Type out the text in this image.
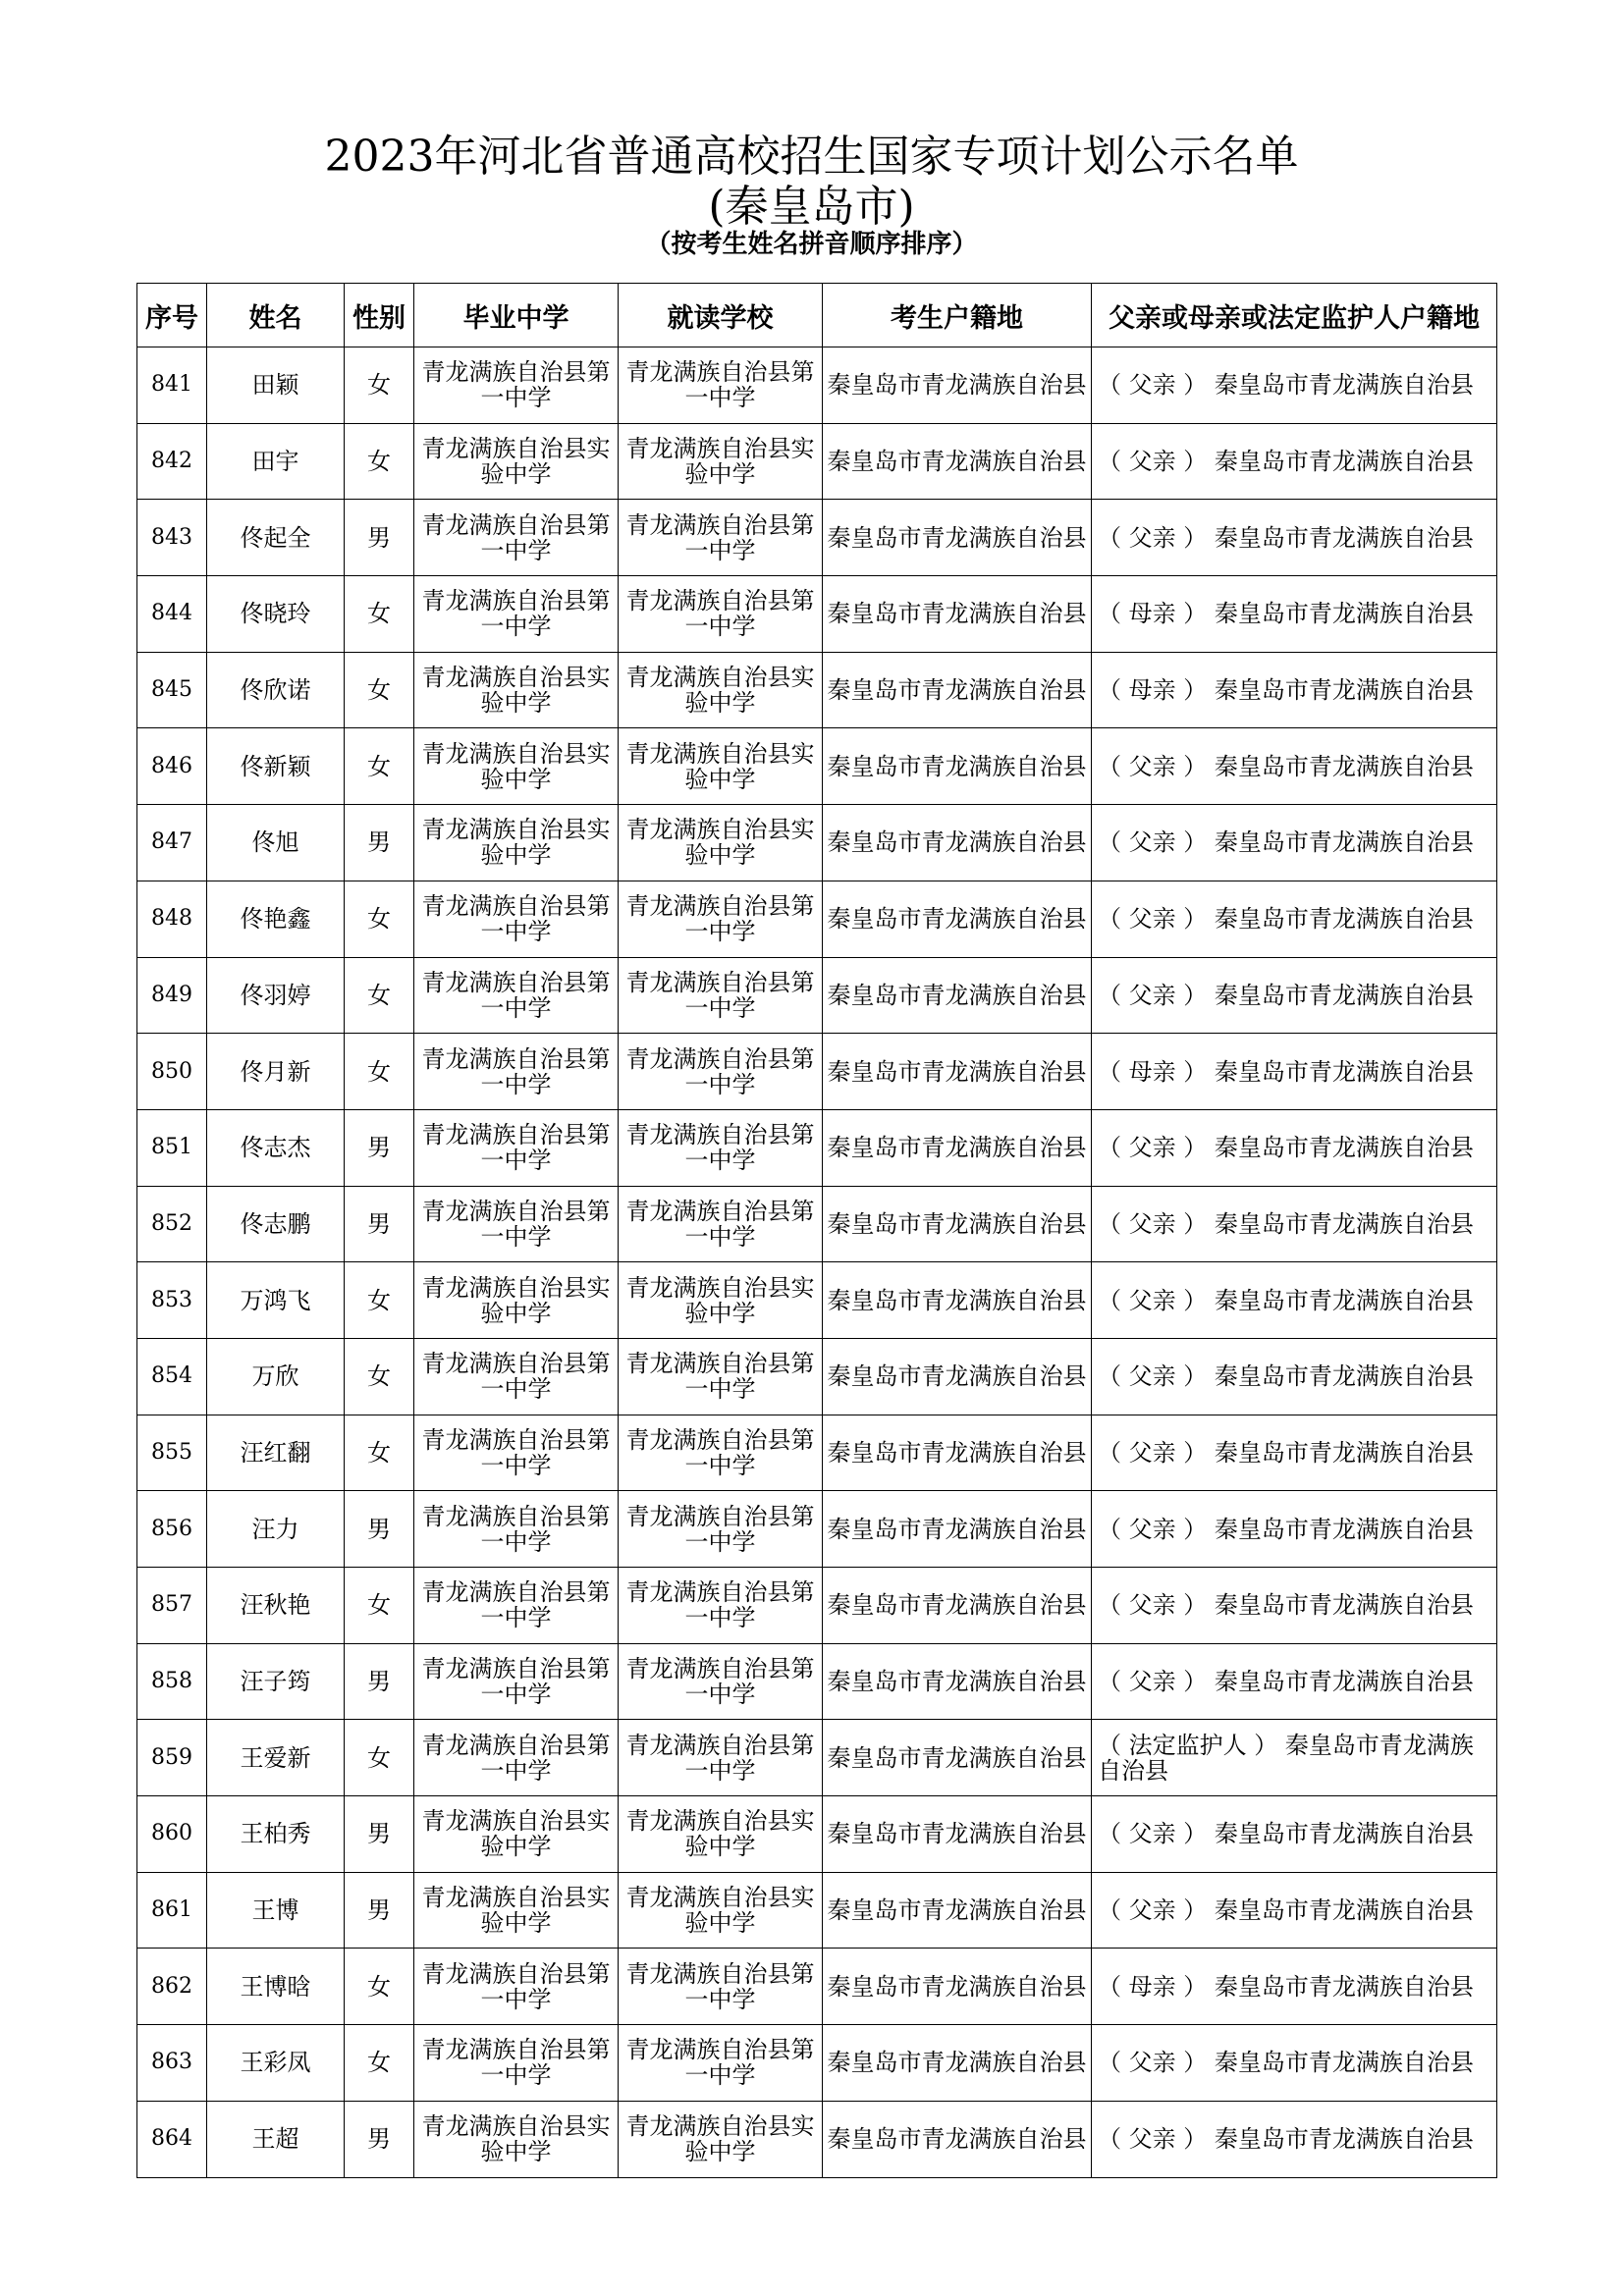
2023年河北省普通高校招生国家专项计划公示名单
(秦皇岛市)
（按考生姓名拼音顺序排序）
序号	姓名	性别	毕业中学	就读学校	考生户籍地	父亲或母亲或法定监护人户籍地
841	田颖	女	青龙满族自治县第一中学	青龙满族自治县第一中学	秦皇岛市青龙满族自治县	（ 父亲 ） 秦皇岛市青龙满族自治县
842	田宇	女	青龙满族自治县实验中学	青龙满族自治县实验中学	秦皇岛市青龙满族自治县	（ 父亲 ） 秦皇岛市青龙满族自治县
843	佟起全	男	青龙满族自治县第一中学	青龙满族自治县第一中学	秦皇岛市青龙满族自治县	（ 父亲 ） 秦皇岛市青龙满族自治县
844	佟晓玲	女	青龙满族自治县第一中学	青龙满族自治县第一中学	秦皇岛市青龙满族自治县	（ 母亲 ） 秦皇岛市青龙满族自治县
845	佟欣诺	女	青龙满族自治县实验中学	青龙满族自治县实验中学	秦皇岛市青龙满族自治县	（ 母亲 ） 秦皇岛市青龙满族自治县
846	佟新颖	女	青龙满族自治县实验中学	青龙满族自治县实验中学	秦皇岛市青龙满族自治县	（ 父亲 ） 秦皇岛市青龙满族自治县
847	佟旭	男	青龙满族自治县实验中学	青龙满族自治县实验中学	秦皇岛市青龙满族自治县	（ 父亲 ） 秦皇岛市青龙满族自治县
848	佟艳鑫	女	青龙满族自治县第一中学	青龙满族自治县第一中学	秦皇岛市青龙满族自治县	（ 父亲 ） 秦皇岛市青龙满族自治县
849	佟羽婷	女	青龙满族自治县第一中学	青龙满族自治县第一中学	秦皇岛市青龙满族自治县	（ 父亲 ） 秦皇岛市青龙满族自治县
850	佟月新	女	青龙满族自治县第一中学	青龙满族自治县第一中学	秦皇岛市青龙满族自治县	（ 母亲 ） 秦皇岛市青龙满族自治县
851	佟志杰	男	青龙满族自治县第一中学	青龙满族自治县第一中学	秦皇岛市青龙满族自治县	（ 父亲 ） 秦皇岛市青龙满族自治县
852	佟志鹏	男	青龙满族自治县第一中学	青龙满族自治县第一中学	秦皇岛市青龙满族自治县	（ 父亲 ） 秦皇岛市青龙满族自治县
853	万鸿飞	女	青龙满族自治县实验中学	青龙满族自治县实验中学	秦皇岛市青龙满族自治县	（ 父亲 ） 秦皇岛市青龙满族自治县
854	万欣	女	青龙满族自治县第一中学	青龙满族自治县第一中学	秦皇岛市青龙满族自治县	（ 父亲 ） 秦皇岛市青龙满族自治县
855	汪红翻	女	青龙满族自治县第一中学	青龙满族自治县第一中学	秦皇岛市青龙满族自治县	（ 父亲 ） 秦皇岛市青龙满族自治县
856	汪力	男	青龙满族自治县第一中学	青龙满族自治县第一中学	秦皇岛市青龙满族自治县	（ 父亲 ） 秦皇岛市青龙满族自治县
857	汪秋艳	女	青龙满族自治县第一中学	青龙满族自治县第一中学	秦皇岛市青龙满族自治县	（ 父亲 ） 秦皇岛市青龙满族自治县
858	汪子筠	男	青龙满族自治县第一中学	青龙满族自治县第一中学	秦皇岛市青龙满族自治县	（ 父亲 ） 秦皇岛市青龙满族自治县
859	王爱新	女	青龙满族自治县第一中学	青龙满族自治县第一中学	秦皇岛市青龙满族自治县	（ 法定监护人 ） 秦皇岛市青龙满族自治县
860	王柏秀	男	青龙满族自治县实验中学	青龙满族自治县实验中学	秦皇岛市青龙满族自治县	（ 父亲 ） 秦皇岛市青龙满族自治县
861	王博	男	青龙满族自治县实验中学	青龙满族自治县实验中学	秦皇岛市青龙满族自治县	（ 父亲 ） 秦皇岛市青龙满族自治县
862	王博晗	女	青龙满族自治县第一中学	青龙满族自治县第一中学	秦皇岛市青龙满族自治县	（ 母亲 ） 秦皇岛市青龙满族自治县
863	王彩凤	女	青龙满族自治县第一中学	青龙满族自治县第一中学	秦皇岛市青龙满族自治县	（ 父亲 ） 秦皇岛市青龙满族自治县
864	王超	男	青龙满族自治县实验中学	青龙满族自治县实验中学	秦皇岛市青龙满族自治县	（ 父亲 ） 秦皇岛市青龙满族自治县
